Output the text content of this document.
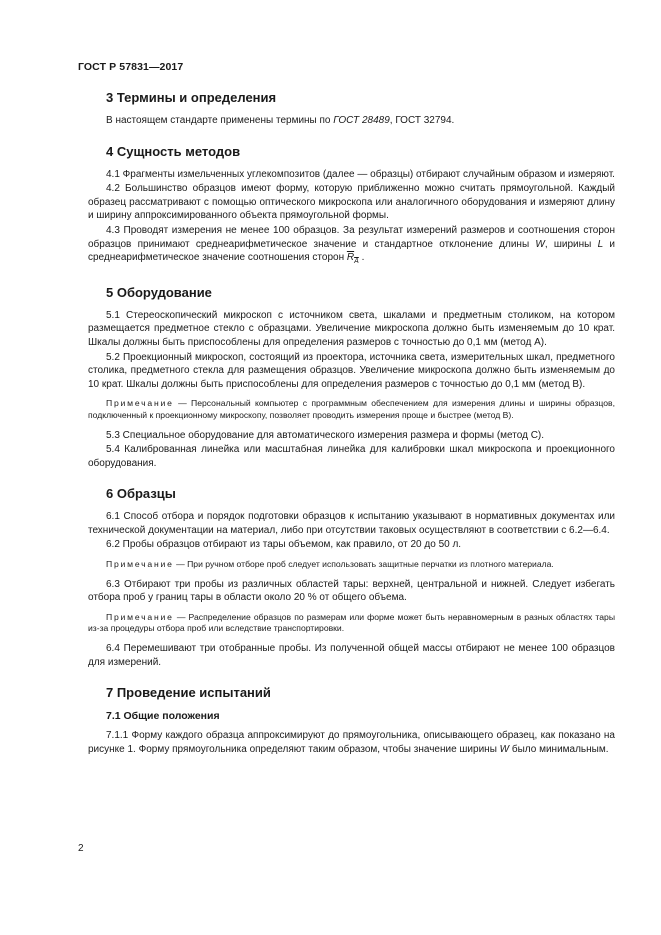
ГОСТ Р 57831—2017
3 Термины и определения

В настоящем стандарте применены термины по ГОСТ 28489, ГОСТ 32794.

4 Сущность методов

4.1 Фрагменты измельченных углекомпозитов (далее — образцы) отбирают случайным образом и измеряют.

4.2 Большинство образцов имеют форму, которую приближенно можно считать прямоугольной. Каждый образец рассматривают с помощью оптического микроскопа или аналогичного оборудования и измеряют длину и ширину аппроксимированного объекта прямоугольной формы.

4.3 Проводят измерения не менее 100 образцов. За результат измерений размеров и соотношения сторон образцов принимают среднеарифметическое значение и стандартное отклонение длины W, ширины L и среднеарифметическое значение соотношения сторон $R_A$ .

5 Оборудование

5.1 Стереоскопический микроскоп с источником света, шкалами и предметным столиком, на котором размещается предметное стекло с образцами. Увеличение микроскопа должно быть изменяемым до 10 крат. Шкалы должны быть приспособлены для определения размеров с точностью до 0,1 мм (метод А).

5.2 Проекционный микроскоп, состоящий из проектора, источника света, измерительных шкал, предметного столика, предметного стекла для размещения образцов. Увеличение микроскопа должно быть изменяемым до 10 крат. Шкалы должны быть приспособлены для определения размеров с точностью до 0,1 мм (метод В).

Примечание — Персональный компьютер с программным обеспечением для измерения длины и ширины образцов, подключенный к проекционному микроскопу, позволяет проводить измерения проще и быстрее (метод В).

5.3 Специальное оборудование для автоматического измерения размера и формы (метод С).

5.4 Калиброванная линейка или масштабная линейка для калибровки шкал микроскопа и проекционного оборудования.

6 Образцы

6.1 Способ отбора и порядок подготовки образцов к испытанию указывают в нормативных документах или технической документации на материал, либо при отсутствии таковых осуществляют в соответствии с 6.2—6.4.

6.2 Пробы образцов отбирают из тары объемом, как правило, от 20 до 50 л.

Примечание — При ручном отборе проб следует использовать защитные перчатки из плотного материала.

6.3 Отбирают три пробы из различных областей тары: верхней, центральной и нижней. Следует избегать отбора проб у границ тары в области около 20 % от общего объема.

Примечание — Распределение образцов по размерам или форме может быть неравномерным в разных областях тары из-за процедуры отбора проб или вследствие транспортировки.

6.4 Перемешивают три отобранные пробы. Из полученной общей массы отбирают не менее 100 образцов для измерений.

7 Проведение испытаний
7.1 Общие положения

7.1.1 Форму каждого образца аппроксимируют до прямоугольника, описывающего образец, как показано на рисунке 1. Форму прямоугольника определяют таким образом, чтобы значение ширины W было минимальным.

2
